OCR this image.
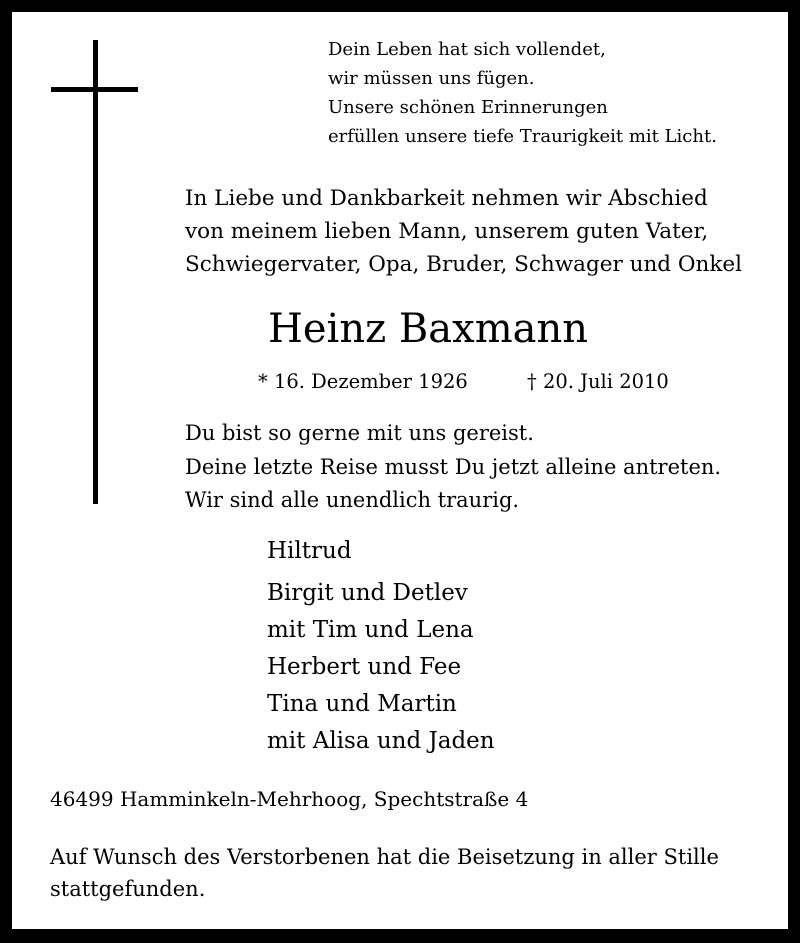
Dein Leben hat sich vollendet,
wir müssen uns fügen.
Unsere schönen Erinnerungen
erfüllen unsere tiefe Traurigkeit mit Licht.
In Liebe und Dankbarkeit nehmen wir Abschied
von meinem lieben Mann, unserem guten Vater,
Schwiegervater, Opa, Bruder, Schwager und Onkel
Heinz Baxmann
* 16. Dezember 1926	† 20. Juli 2010
Du bist so gerne mit uns gereist.
Deine letzte Reise musst Du jetzt alleine antreten.
Wir sind alle unendlich traurig.
Hiltrud
Birgit und Detlev
mit Tim und Lena
Herbert und Fee
Tina und Martin
mit Alisa und Jaden
46499 Hamminkeln-Mehrhoog, Spechtstraße 4
Auf Wunsch des Verstorbenen hat die Beisetzung in aller Stille
stattgefunden.
